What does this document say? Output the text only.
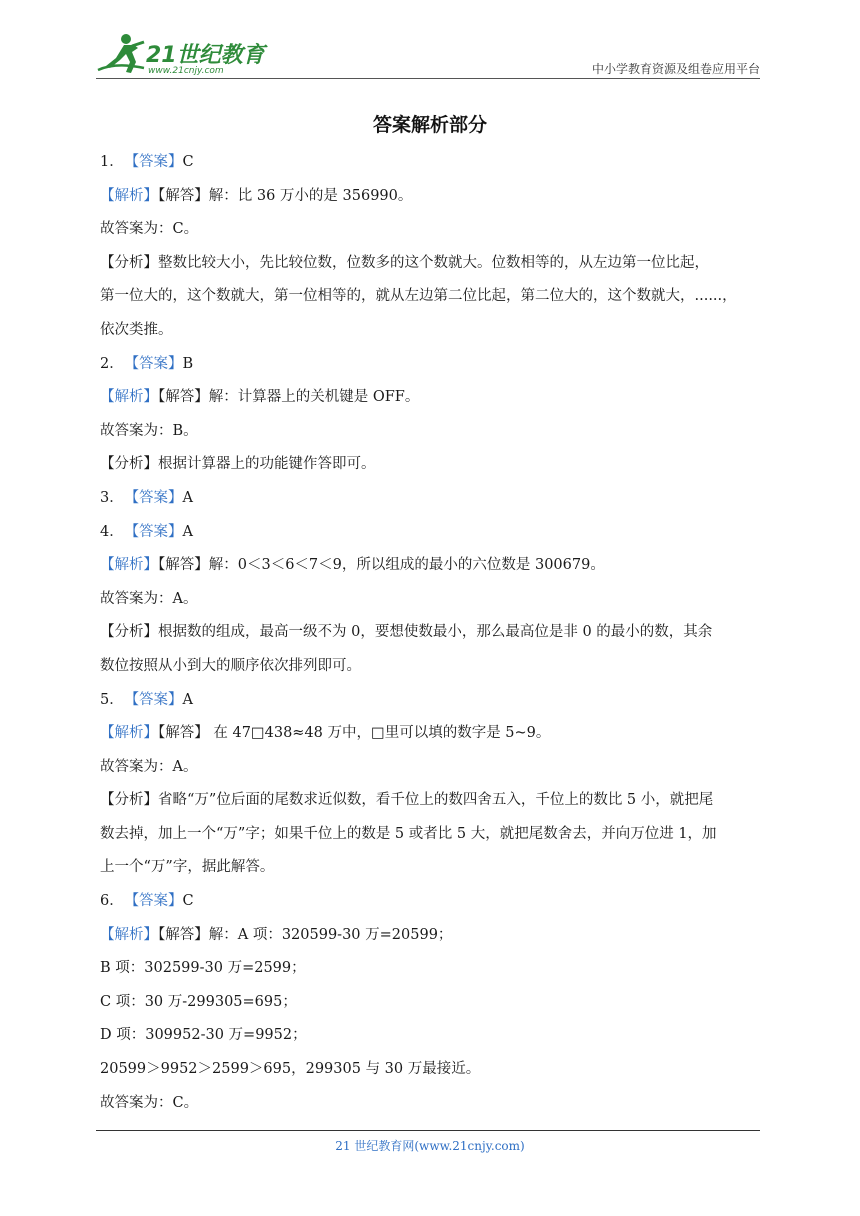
21世纪教育
www.21cnjy.com	中小学教育资源及组卷应用平台
答案解析部分
1． 【答案】C
【解析】【解答】解：比 36 万小的是 356990。
故答案为：C。
【分析】整数比较大小，先比较位数，位数多的这个数就大。位数相等的，从左边第一位比起，
第一位大的，这个数就大，第一位相等的，就从左边第二位比起，第二位大的，这个数就大，......，
依次类推。
2． 【答案】B
【解析】【解答】解：计算器上的关机键是 OFF。
故答案为：B。
【分析】根据计算器上的功能键作答即可。
3． 【答案】A
4． 【答案】A
【解析】【解答】解：0＜3＜6＜7＜9，所以组成的最小的六位数是 300679。
故答案为：A。
【分析】根据数的组成，最高一级不为 0，要想使数最小，那么最高位是非 0 的最小的数，其余
数位按照从小到大的顺序依次排列即可。
5． 【答案】A
【解析】【解答】 在 47□438≈48 万中，□里可以填的数字是 5~9。
故答案为：A。
【分析】省略“万”位后面的尾数求近似数，看千位上的数四舍五入，千位上的数比 5 小，就把尾
数去掉，加上一个“万”字；如果千位上的数是 5 或者比 5 大，就把尾数舍去，并向万位进 1，加
上一个“万”字，据此解答。
6． 【答案】C
【解析】【解答】解：A 项：320599-30 万=20599；
B 项：302599-30 万=2599；
C 项：30 万-299305=695；
D 项：309952-30 万=9952；
20599＞9952＞2599＞695，299305 与 30 万最接近。
故答案为：C。
21 世纪教育网(www.21cnjy.com)
